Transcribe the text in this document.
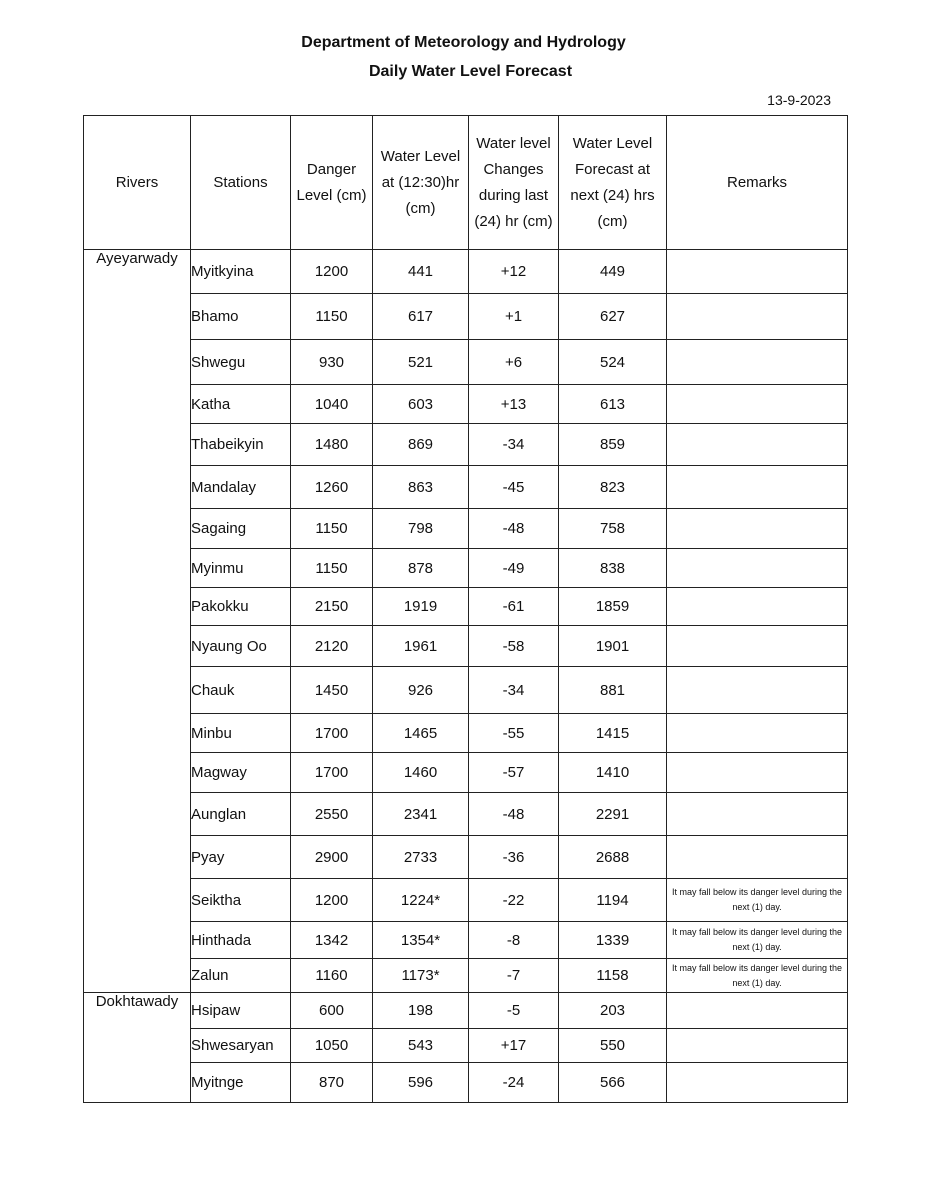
Department of Meteorology and Hydrology
Daily Water Level Forecast
13-9-2023
Rivers	Stations	Danger Level (cm)	Water Level at (12:30)hr (cm)	Water level Changes during last (24) hr (cm)	Water Level Forecast at next (24) hrs (cm)	Remarks
Ayeyarwady	Myitkyina	1200	441	+12	449	
	Bhamo	1150	617	+1	627	
	Shwegu	930	521	+6	524	
	Katha	1040	603	+13	613	
	Thabeikyin	1480	869	-34	859	
	Mandalay	1260	863	-45	823	
	Sagaing	1150	798	-48	758	
	Myinmu	1150	878	-49	838	
	Pakokku	2150	1919	-61	1859	
	Nyaung Oo	2120	1961	-58	1901	
	Chauk	1450	926	-34	881	
	Minbu	1700	1465	-55	1415	
	Magway	1700	1460	-57	1410	
	Aunglan	2550	2341	-48	2291	
	Pyay	2900	2733	-36	2688	
	Seiktha	1200	1224*	-22	1194	It may fall below its danger level during the next (1) day.
	Hinthada	1342	1354*	-8	1339	It may fall below its danger level during the next (1) day.
	Zalun	1160	1173*	-7	1158	It may fall below its danger level during the next (1) day.
Dokhtawady	Hsipaw	600	198	-5	203	
	Shwesaryan	1050	543	+17	550	
	Myitnge	870	596	-24	566	
